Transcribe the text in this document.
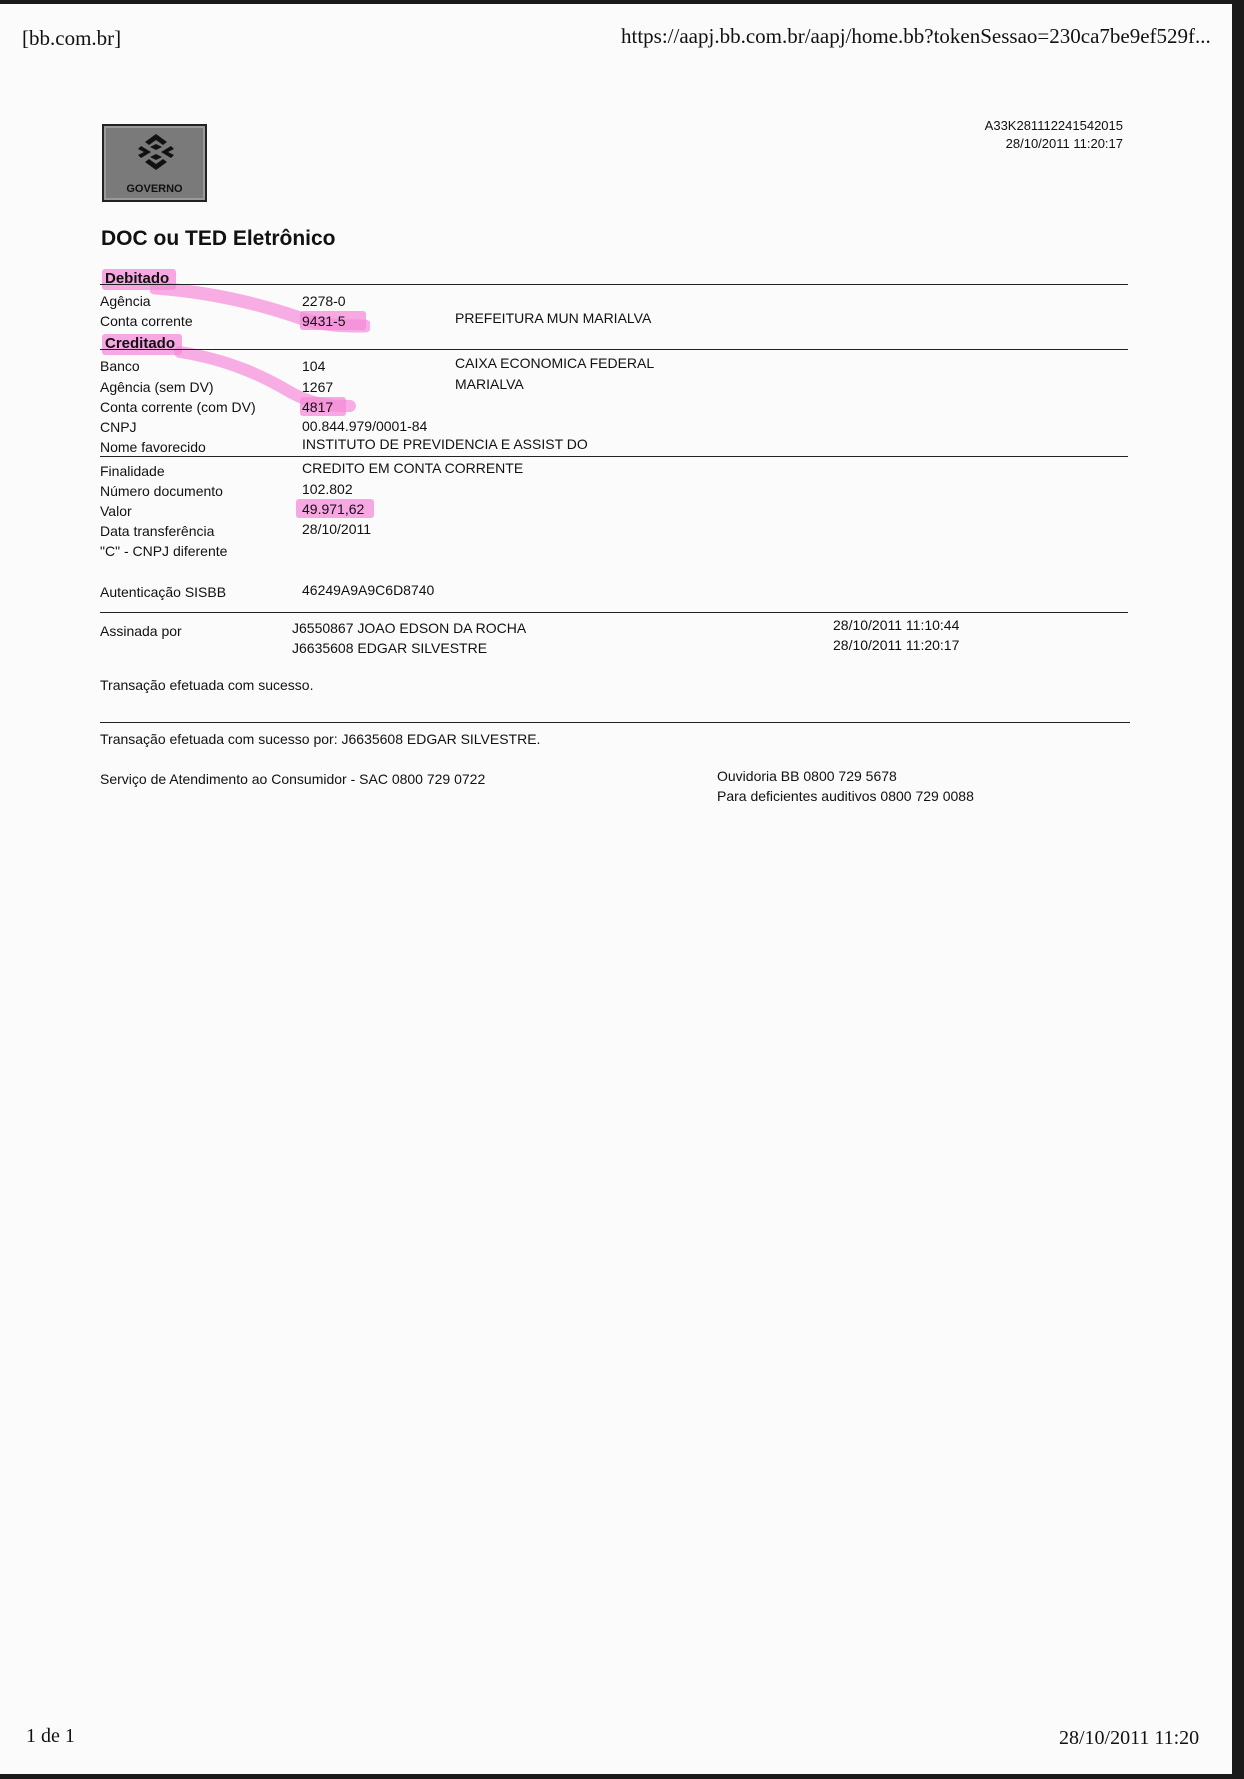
[bb.com.br]	https://aapj.bb.com.br/aapj/home.bb?tokenSessao=230ca7be9ef529f...
1 de 1	28/10/2011 11:20
GOVERNO
A33K281112241542015
28/10/2011 11:20:17
DOC ou TED Eletrônico
Debitado
Agência	2278-0
Conta corrente	9431-5	PREFEITURA MUN MARIALVA
Creditado
Banco	104	CAIXA ECONOMICA FEDERAL
Agência (sem DV)	1267	MARIALVA
Conta corrente (com DV)	4817
CNPJ	00.844.979/0001-84
Nome favorecido	INSTITUTO DE PREVIDENCIA E ASSIST DO
Finalidade	CREDITO EM CONTA CORRENTE
Número documento	102.802
Valor	49.971,62
Data transferência	28/10/2011
"C" - CNPJ diferente
Autenticação SISBB	46249A9A9C6D8740
Assinada por	J6550867 JOAO EDSON DA ROCHA	28/10/2011 11:10:44
J6635608 EDGAR SILVESTRE	28/10/2011 11:20:17
Transação efetuada com sucesso.
Transação efetuada com sucesso por: J6635608 EDGAR SILVESTRE.
Serviço de Atendimento ao Consumidor - SAC 0800 729 0722	Ouvidoria BB 0800 729 5678
Para deficientes auditivos 0800 729 0088
